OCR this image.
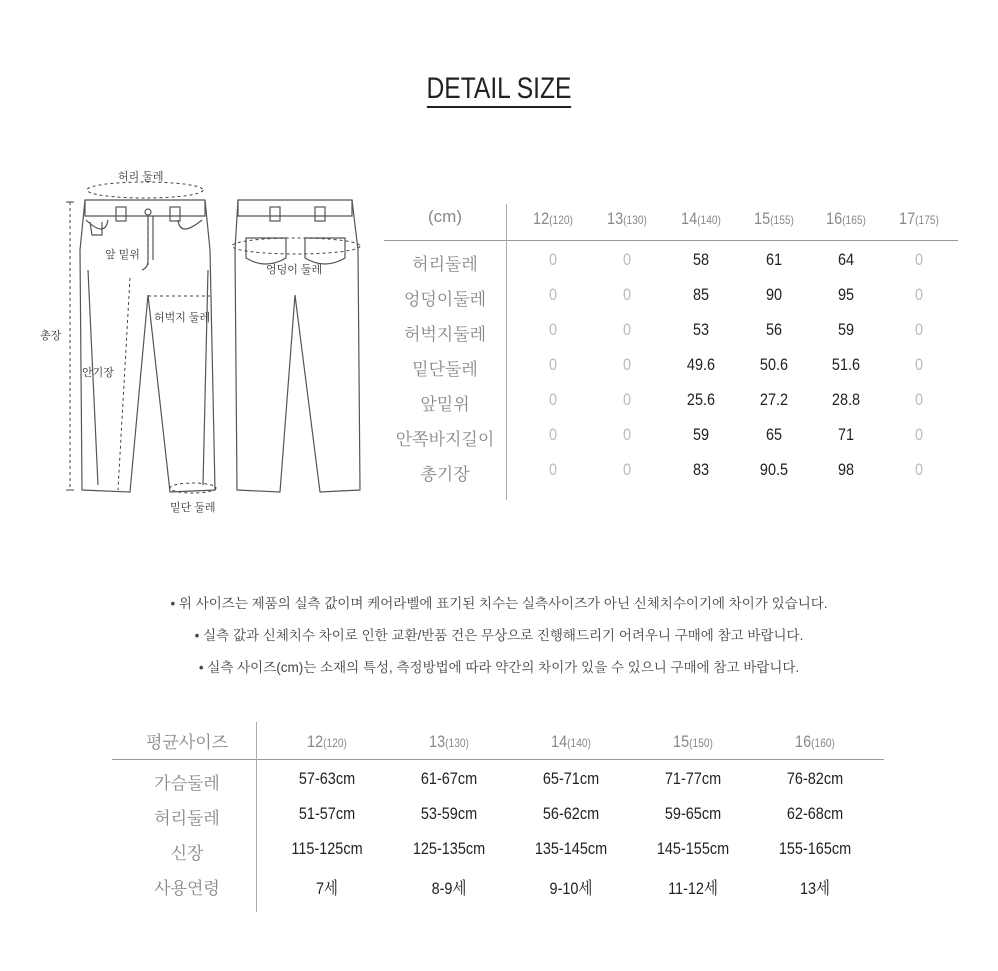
DETAIL SIZE
허리 둘레
앞 밑위
엉덩이 둘레
허벅지 둘레
총장
안기장
밑단 둘레
(cm)	12(120)	13(130)	14(140)	15(155)	16(165)	17(175)
허리둘레	0	0	58	61	64	0
엉덩이둘레	0	0	85	90	95	0
허벅지둘레	0	0	53	56	59	0
밑단둘레	0	0	49.6	50.6	51.6	0
앞밑위	0	0	25.6	27.2	28.8	0
안쪽바지길이	0	0	59	65	71	0
총기장	0	0	83	90.5	98	0
• 위 사이즈는 제품의 실측 값이며 케어라벨에 표기된 치수는 실측사이즈가 아닌 신체치수이기에 차이가 있습니다.
• 실측 값과 신체치수 차이로 인한 교환/반품 건은 무상으로 진행해드리기 어려우니 구매에 참고 바랍니다.
• 실측 사이즈(cm)는 소재의 특성, 측정방법에 따라 약간의 차이가 있을 수 있으니 구매에 참고 바랍니다.
평균사이즈	12(120)	13(130)	14(140)	15(150)	16(160)
가슴둘레	57-63cm	61-67cm	65-71cm	71-77cm	76-82cm
허리둘레	51-57cm	53-59cm	56-62cm	59-65cm	62-68cm
신장	115-125cm	125-135cm	135-145cm	145-155cm	155-165cm
사용연령	7세	8-9세	9-10세	11-12세	13세
